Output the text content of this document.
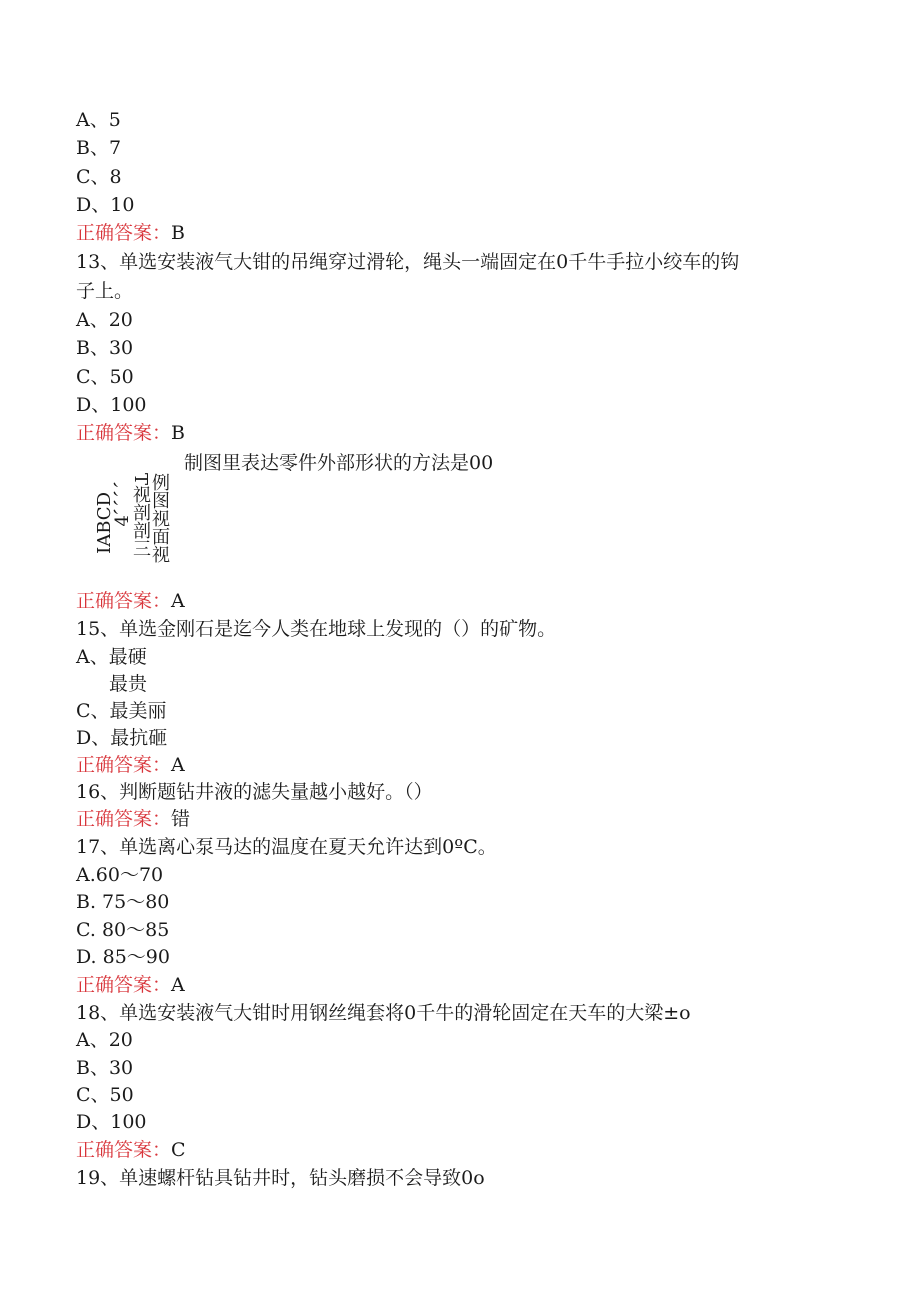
A、5
B、7
C、8
D、10
正确答案：B
13、单选安装液气大钳的吊绳穿过滑轮，绳头一端固定在0千牛手拉小绞车的钩
子上。
A、20
B、30
C、50
D、100
正确答案：B
制图里表达零件外部形状的方法是00
IABCD
4、、、、
T视剖剖三
例图视面视
正确答案：A
15、单选金刚石是迄今人类在地球上发现的（）的矿物。
A、最硬
最贵
C、最美丽
D、最抗砸
正确答案：A
16、判断题钻井液的滤失量越小越好。（）
正确答案：错
17、单选离心泵马达的温度在夏天允许达到0ºC。
A.60～70
B. 75～80
C. 80～85
D. 85～90
正确答案：A
18、单选安装液气大钳时用钢丝绳套将0千牛的滑轮固定在天车的大梁±o
A、20
B、30
C、50
D、100
正确答案：C
19、单速螺杆钻具钻井时，钻头磨损不会导致0o
